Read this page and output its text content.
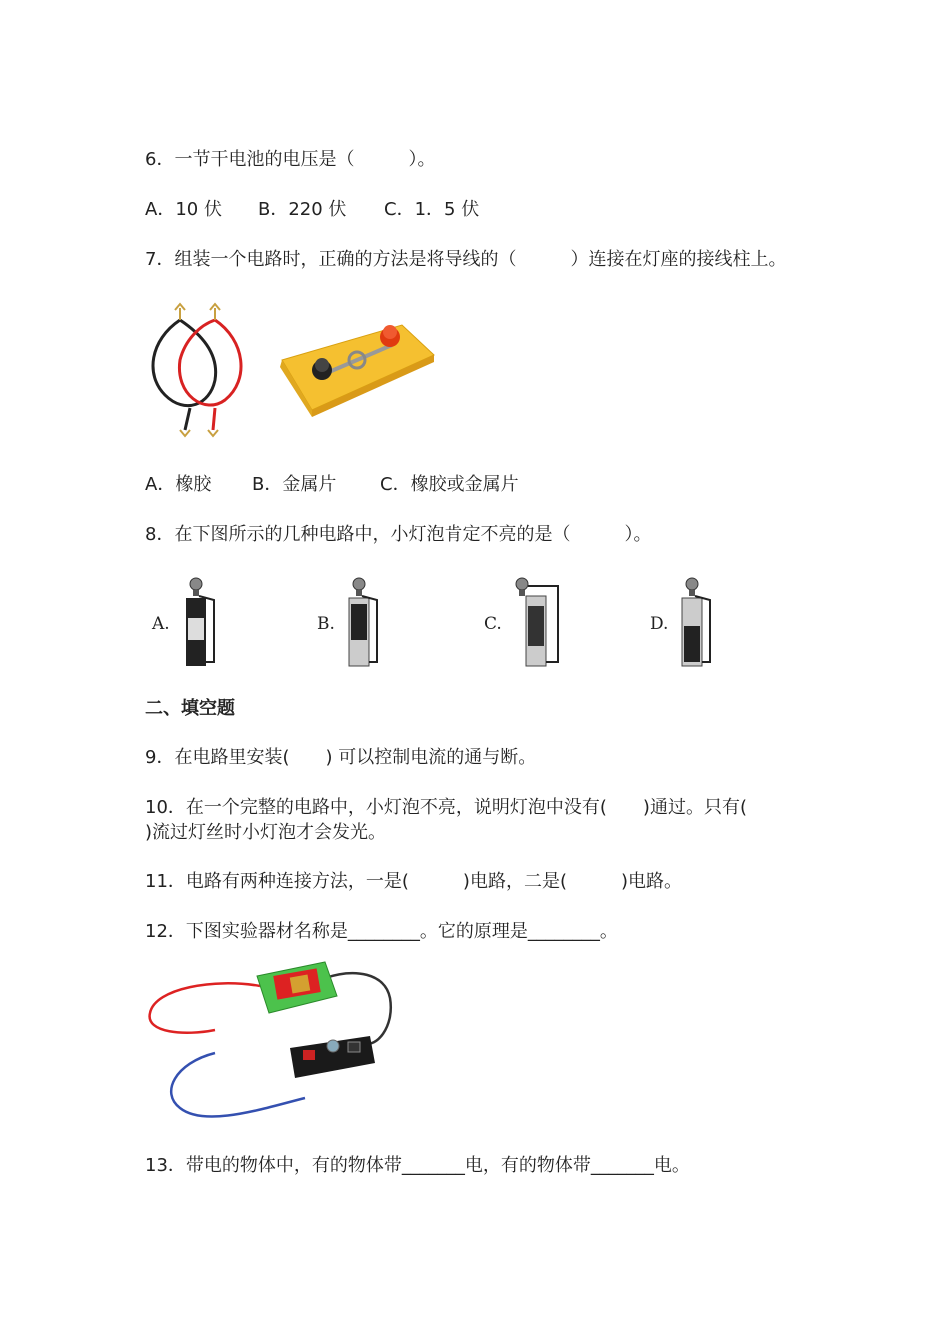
6．一节干电池的电压是（　　　）。
A．10 伏 B．220 伏 C．1．5 伏
7．组装一个电路时，正确的方法是将导线的（　　　）连接在灯座的接线柱上。
A．橡胶 B．金属片 C．橡胶或金属片
8．在下图所示的几种电路中，小灯泡肯定不亮的是（　　　）。
A.	B.	C.	D.
二、填空题
9．在电路里安装(　　) 可以控制电流的通与断。
10．在一个完整的电路中，小灯泡不亮，说明灯泡中没有(　　)通过。只有(
)流过灯丝时小灯泡才会发光。
11．电路有两种连接方法，一是(　　　)电路，二是(　　　)电路。
12．下图实验器材名称是________。它的原理是________。
13．带电的物体中，有的物体带_______电，有的物体带_______电。
